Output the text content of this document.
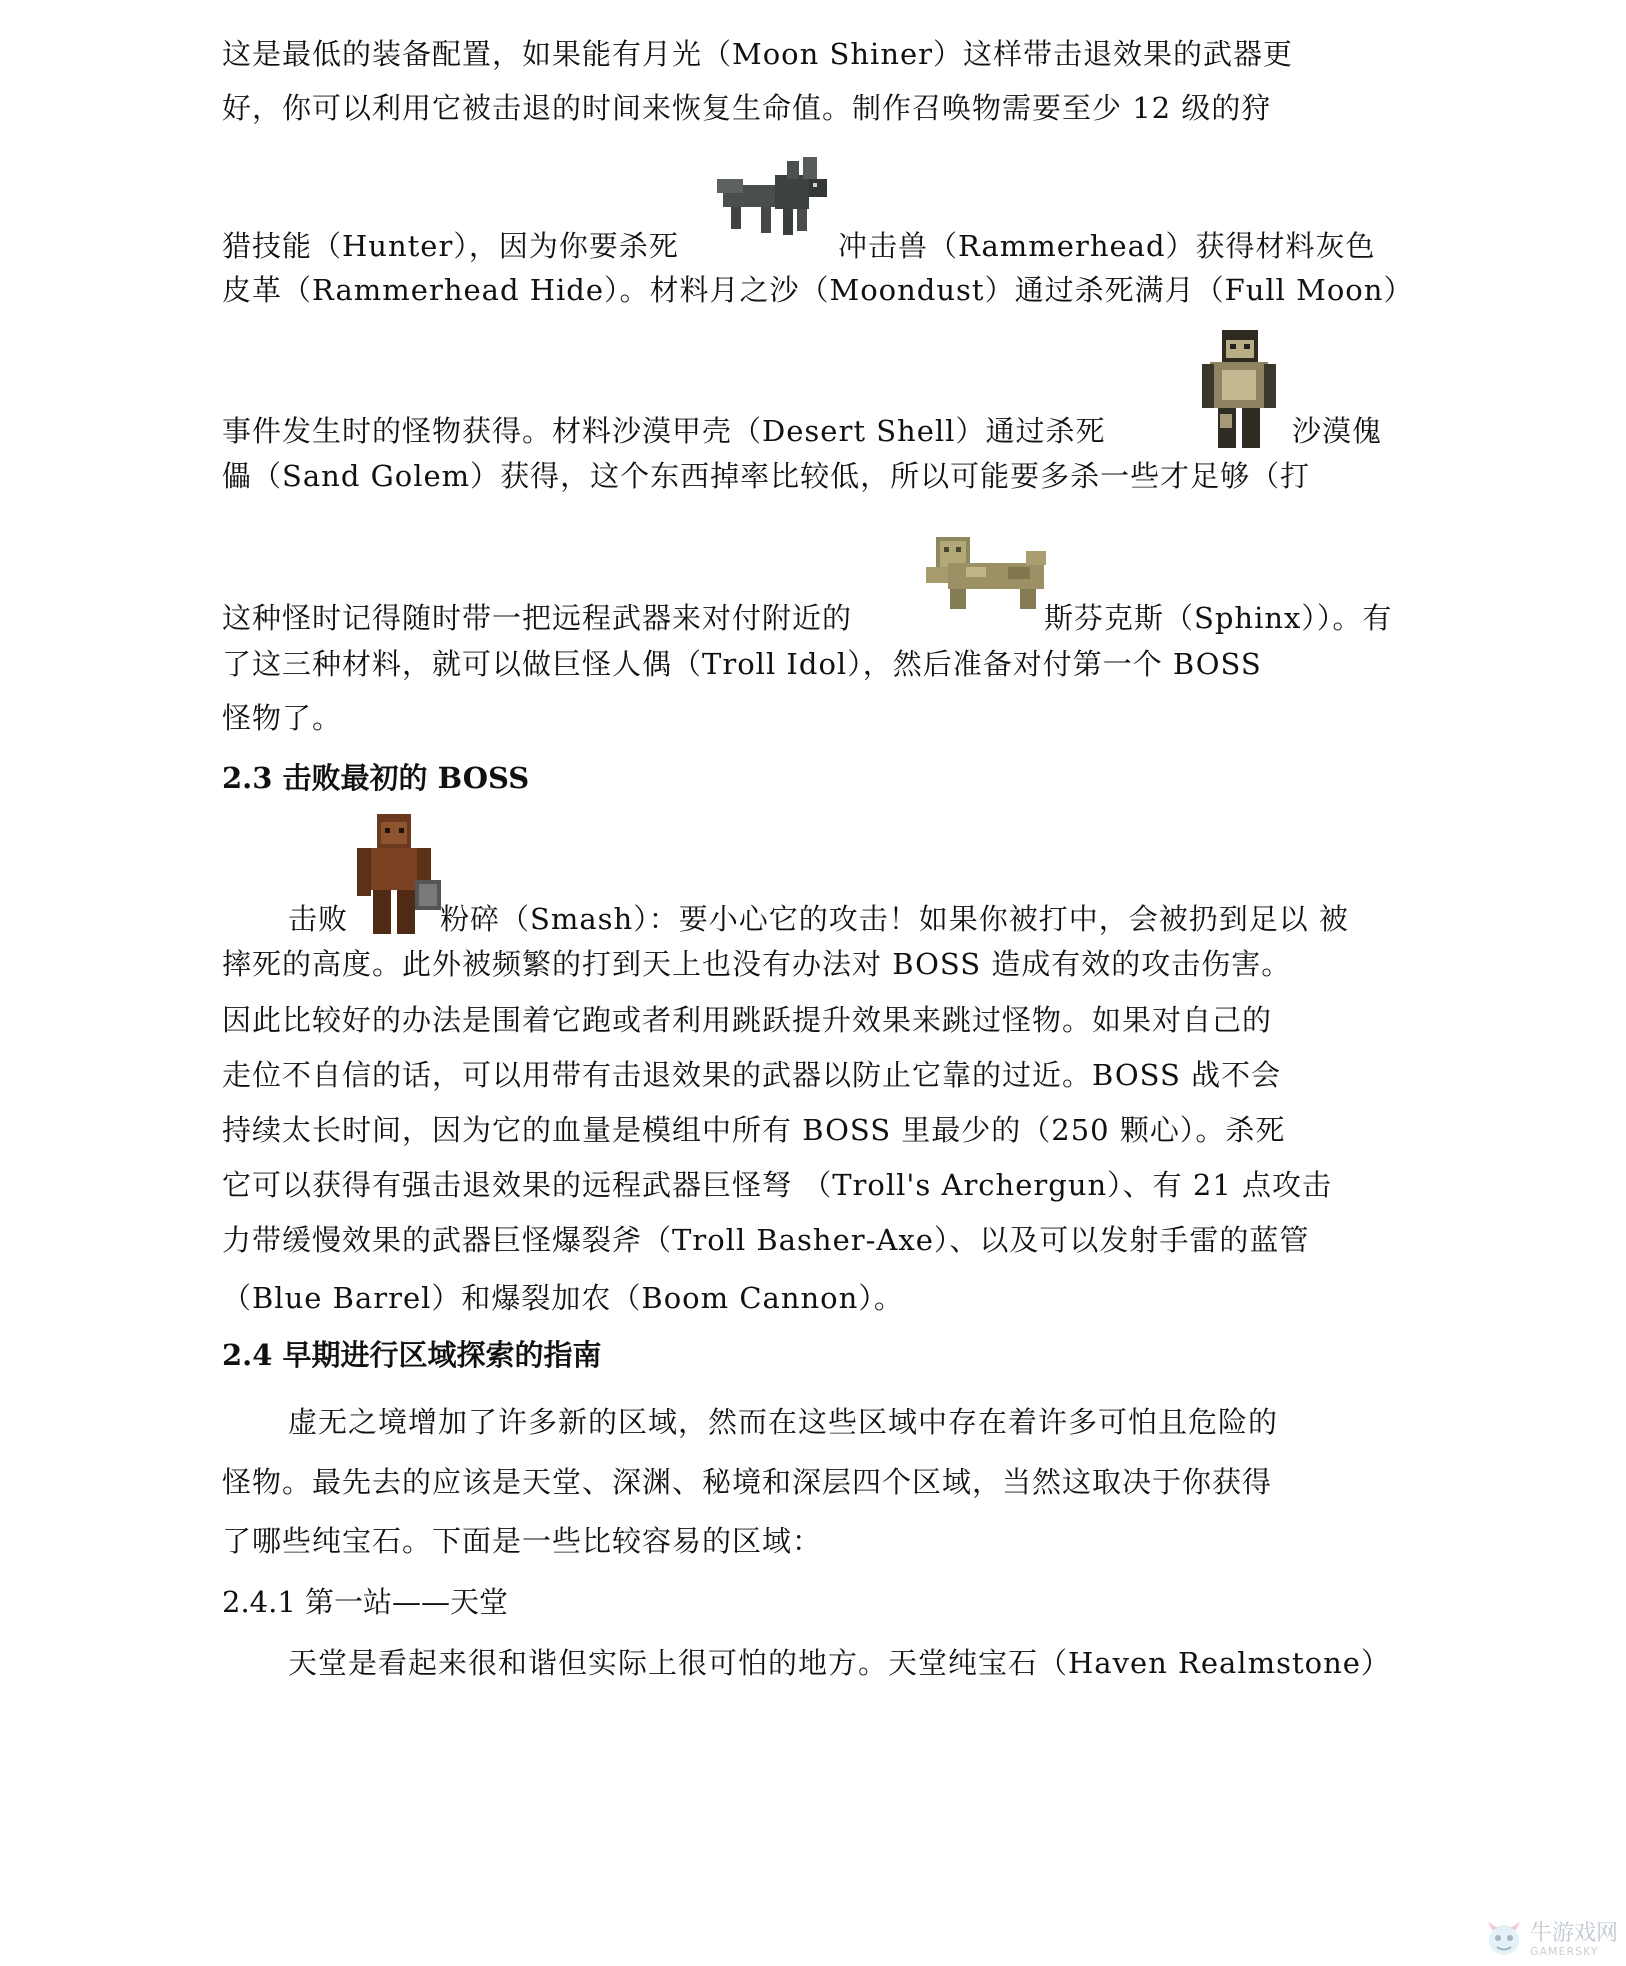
这是最低的装备配置，如果能有月光（Moon Shiner）这样带击退效果的武器更
好，你可以利用它被击退的时间来恢复生命值。制作召唤物需要至少 12 级的狩
猎技能（Hunter），因为你要杀死	冲击兽（Rammerhead）获得材料灰色
皮革（Rammerhead Hide）。材料月之沙（Moondust）通过杀死满月（Full Moon）
事件发生时的怪物获得。材料沙漠甲壳（Desert Shell）通过杀死	沙漠傀
儡（Sand Golem）获得，这个东西掉率比较低，所以可能要多杀一些才足够（打
这种怪时记得随时带一把远程武器来对付附近的	斯芬克斯（Sphinx））。有
了这三种材料，就可以做巨怪人偶（Troll Idol），然后准备对付第一个 BOSS
怪物了。
2.3 击败最初的 BOSS
击败	粉碎（Smash）：要小心它的攻击！如果你被打中，会被扔到足以 被
摔死的高度。此外被频繁的打到天上也没有办法对 BOSS 造成有效的攻击伤害。
因此比较好的办法是围着它跑或者利用跳跃提升效果来跳过怪物。如果对自己的
走位不自信的话，可以用带有击退效果的武器以防止它靠的过近。BOSS 战不会
持续太长时间，因为它的血量是模组中所有 BOSS 里最少的（250 颗心）。杀死
它可以获得有强击退效果的远程武器巨怪弩 （Troll's Archergun）、有 21 点攻击
力带缓慢效果的武器巨怪爆裂斧（Troll Basher-Axe）、以及可以发射手雷的蓝管
（Blue Barrel）和爆裂加农（Boom Cannon）。
2.4 早期进行区域探索的指南
虚无之境增加了许多新的区域，然而在这些区域中存在着许多可怕且危险的
怪物。最先去的应该是天堂、深渊、秘境和深层四个区域，当然这取决于你获得
了哪些纯宝石。下面是一些比较容易的区域：
2.4.1 第一站——天堂
天堂是看起来很和谐但实际上很可怕的地方。天堂纯宝石（Haven Realmstone）
牛游戏网
GAMERSKY
